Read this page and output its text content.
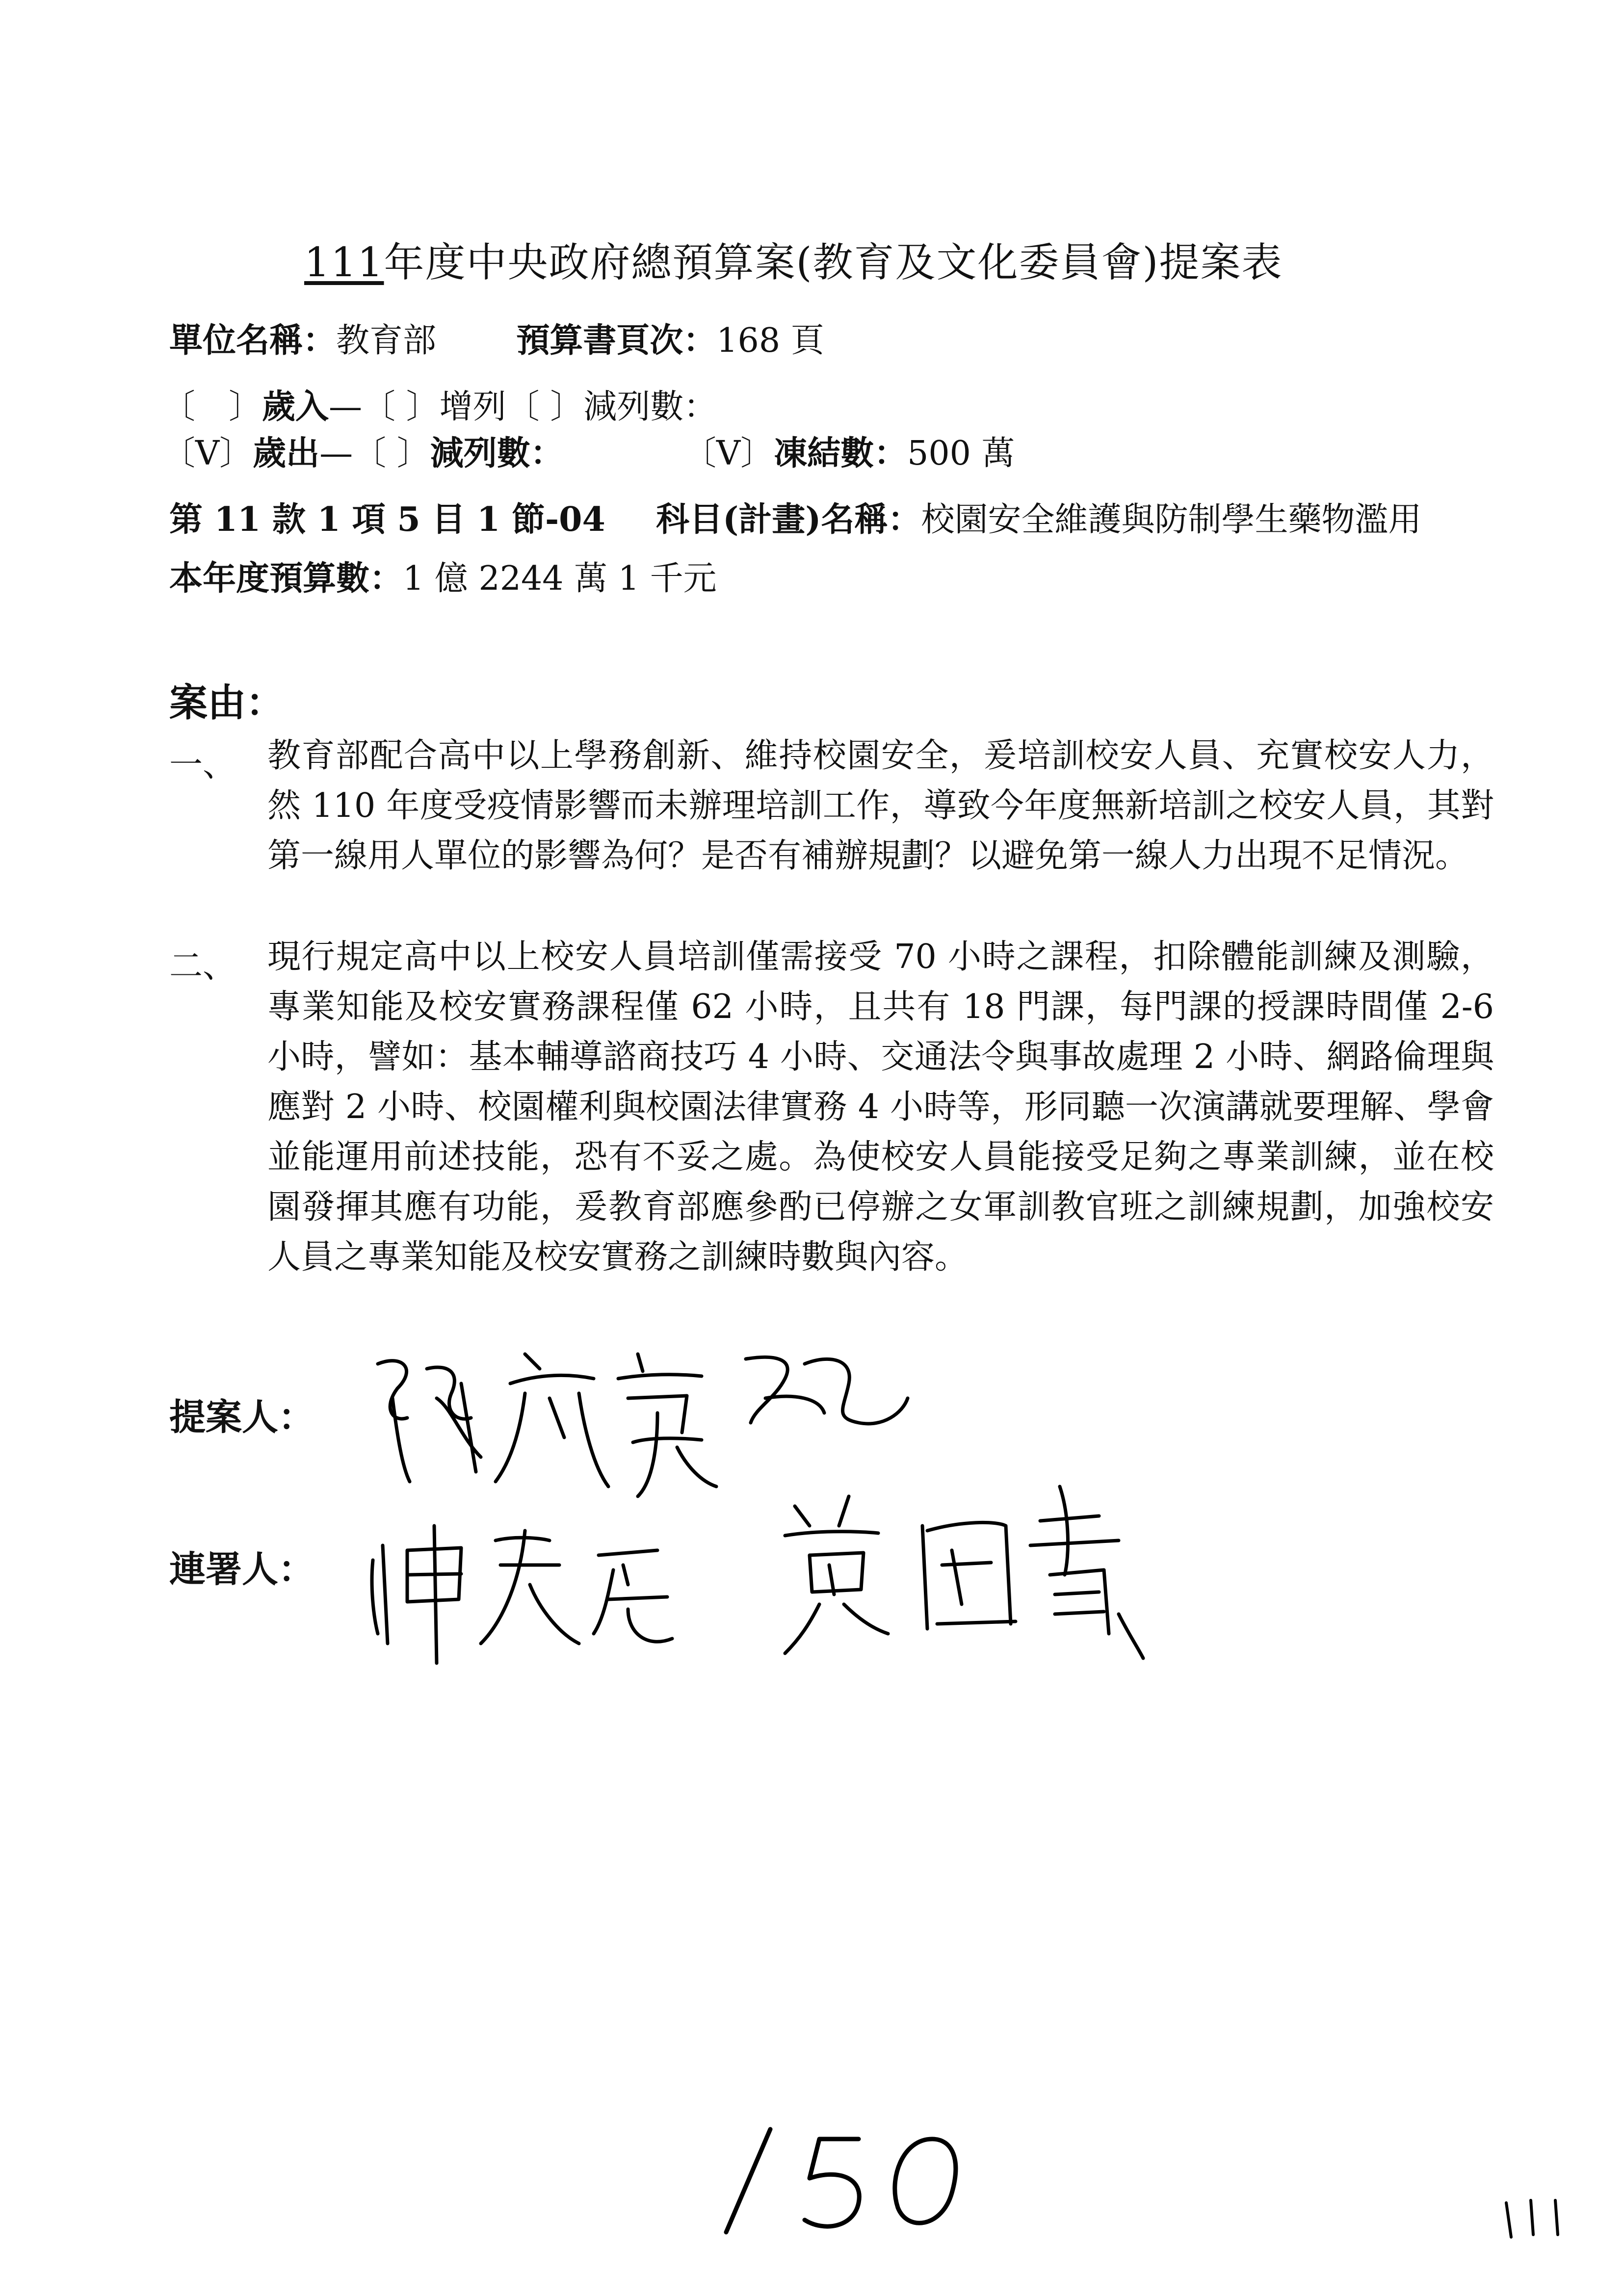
111年度中央政府總預算案(教育及文化委員會)提案表
單位名稱：教育部 預算書頁次：168 頁
〔　〕歲入—〔 〕增列〔 〕減列數：
〔V〕歲出—〔 〕減列數：	〔V〕凍結數：500 萬
第 11 款 1 項 5 目 1 節-04 科目(計畫)名稱：校園安全維護與防制學生藥物濫用
本年度預算數：1 億 2244 萬 1 千元
案由：
一、 教育部配合高中以上學務創新、維持校園安全，爰培訓校安人員、充實校安人力，然 110 年度受疫情影響而未辦理培訓工作，導致今年度無新培訓之校安人員，其對第一線用人單位的影響為何？是否有補辦規劃？以避免第一線人力出現不足情況。
二、 現行規定高中以上校安人員培訓僅需接受 70 小時之課程，扣除體能訓練及測驗，專業知能及校安實務課程僅 62 小時，且共有 18 門課，每門課的授課時間僅 2-6 小時，譬如：基本輔導諮商技巧 4 小時、交通法令與事故處理 2 小時、網路倫理與應對 2 小時、校園權利與校園法律實務 4 小時等，形同聽一次演講就要理解、學會並能運用前述技能，恐有不妥之處。為使校安人員能接受足夠之專業訓練，並在校園發揮其應有功能，爰教育部應參酌已停辦之女軍訓教官班之訓練規劃，加強校安人員之專業知能及校安實務之訓練時數與內容。
提案人：
連署人：
